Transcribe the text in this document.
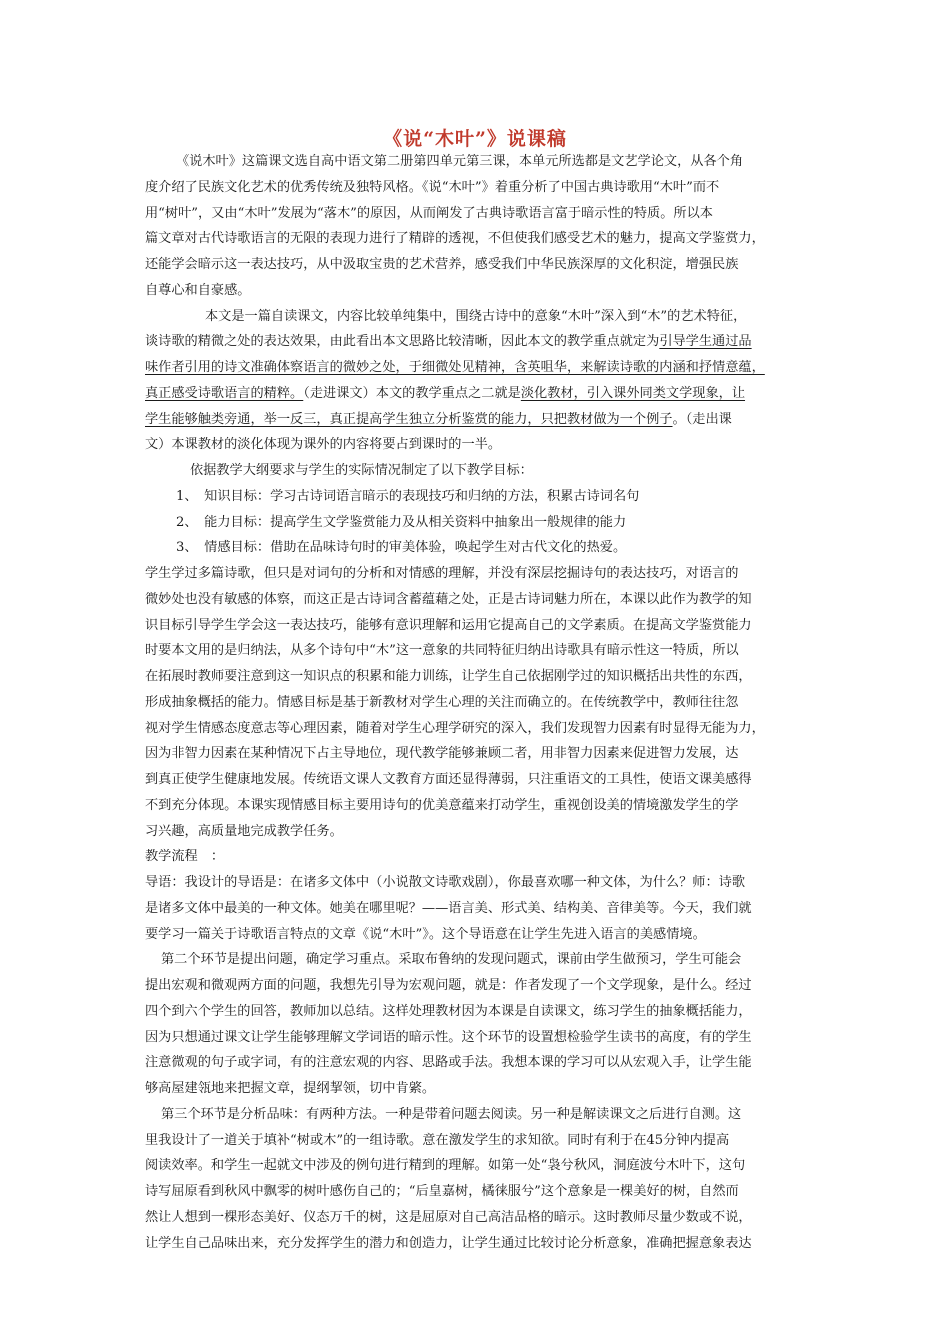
《说“木叶”》说课稿
《说木叶》这篇课文选自高中语文第二册第四单元第三课，本单元所选都是文艺学论文，从各个角
度介绍了民族文化艺术的优秀传统及独特风格。《说“木叶”》着重分析了中国古典诗歌用“木叶”而不
用“树叶”，又由“木叶”发展为“落木”的原因，从而阐发了古典诗歌语言富于暗示性的特质。所以本
篇文章对古代诗歌语言的无限的表现力进行了精辟的透视，不但使我们感受艺术的魅力，提高文学鉴赏力，
还能学会暗示这一表达技巧，从中汲取宝贵的艺术营养，感受我们中华民族深厚的文化积淀，增强民族
自尊心和自豪感。
本文是一篇自读课文，内容比较单纯集中，围绕古诗中的意象“木叶”深入到“木”的艺术特征，
谈诗歌的精微之处的表达效果，由此看出本文思路比较清晰，因此本文的教学重点就定为引导学生通过品
味作者引用的诗文准确体察语言的微妙之处，于细微处见精神，含英咀华，来解读诗歌的内涵和抒情意蕴，
真正感受诗歌语言的精粹。（走进课文）本文的教学重点之二就是淡化教材，引入课外同类文学现象，让
学生能够触类旁通，举一反三，真正提高学生独立分析鉴赏的能力，只把教材做为一个例子。（走出课
文）本课教材的淡化体现为课外的内容将要占到课时的一半。
依据教学大纲要求与学生的实际情况制定了以下教学目标：
1、　知识目标：学习古诗词语言暗示的表现技巧和归纳的方法，积累古诗词名句
2、　能力目标：提高学生文学鉴赏能力及从相关资料中抽象出一般规律的能力
3、　情感目标：借助在品味诗句时的审美体验，唤起学生对古代文化的热爱。
学生学过多篇诗歌，但只是对词句的分析和对情感的理解，并没有深层挖掘诗句的表达技巧，对语言的
微妙处也没有敏感的体察，而这正是古诗词含蓄蕴藉之处，正是古诗词魅力所在，本课以此作为教学的知
识目标引导学生学会这一表达技巧，能够有意识理解和运用它提高自己的文学素质。在提高文学鉴赏能力
时要本文用的是归纳法，从多个诗句中“木”这一意象的共同特征归纳出诗歌具有暗示性这一特质，所以
在拓展时教师要注意到这一知识点的积累和能力训练，让学生自己依据刚学过的知识概括出共性的东西，
形成抽象概括的能力。情感目标是基于新教材对学生心理的关注而确立的。在传统教学中，教师往往忽
视对学生情感态度意志等心理因素，随着对学生心理学研究的深入，我们发现智力因素有时显得无能为力，
因为非智力因素在某种情况下占主导地位，现代教学能够兼顾二者，用非智力因素来促进智力发展，达
到真正使学生健康地发展。传统语文课人文教育方面还显得薄弱，只注重语文的工具性，使语文课美感得
不到充分体现。本课实现情感目标主要用诗句的优美意蕴来打动学生，重视创设美的情境激发学生的学
习兴趣，高质量地完成教学任务。
教学流程　：
导语：我设计的导语是：在诸多文体中（小说散文诗歌戏剧），你最喜欢哪一种文体，为什么？师：诗歌
是诸多文体中最美的一种文体。她美在哪里呢？——语言美、形式美、结构美、音律美等。今天，我们就
要学习一篇关于诗歌语言特点的文章《说“木叶”》。这个导语意在让学生先进入语言的美感情境。
第二个环节是提出问题，确定学习重点。采取布鲁纳的发现问题式，课前由学生做预习，学生可能会
提出宏观和微观两方面的问题，我想先引导为宏观问题，就是：作者发现了一个文学现象，是什么。经过
四个到六个学生的回答，教师加以总结。这样处理教材因为本课是自读课文，练习学生的抽象概括能力，
因为只想通过课文让学生能够理解文学词语的暗示性。这个环节的设置想检验学生读书的高度，有的学生
注意微观的句子或字词，有的注意宏观的内容、思路或手法。我想本课的学习可以从宏观入手，让学生能
够高屋建瓴地来把握文章，提纲挈领，切中肯綮。
第三个环节是分析品味：有两种方法。一种是带着问题去阅读。另一种是解读课文之后进行自测。这
里我设计了一道关于填补“树或木”的一组诗歌。意在激发学生的求知欲。同时有利于在45分钟内提高
阅读效率。和学生一起就文中涉及的例句进行精到的理解。如第一处“袅兮秋风，洞庭波兮木叶下，这句
诗写屈原看到秋风中飘零的树叶感伤自己的；“后皇嘉树，橘徕服兮”这个意象是一棵美好的树，自然而
然让人想到一棵形态美好、仪态万千的树，这是屈原对自己高洁品格的暗示。这时教师尽量少数或不说，
让学生自己品味出来，充分发挥学生的潜力和创造力，让学生通过比较讨论分析意象，准确把握意象表达
